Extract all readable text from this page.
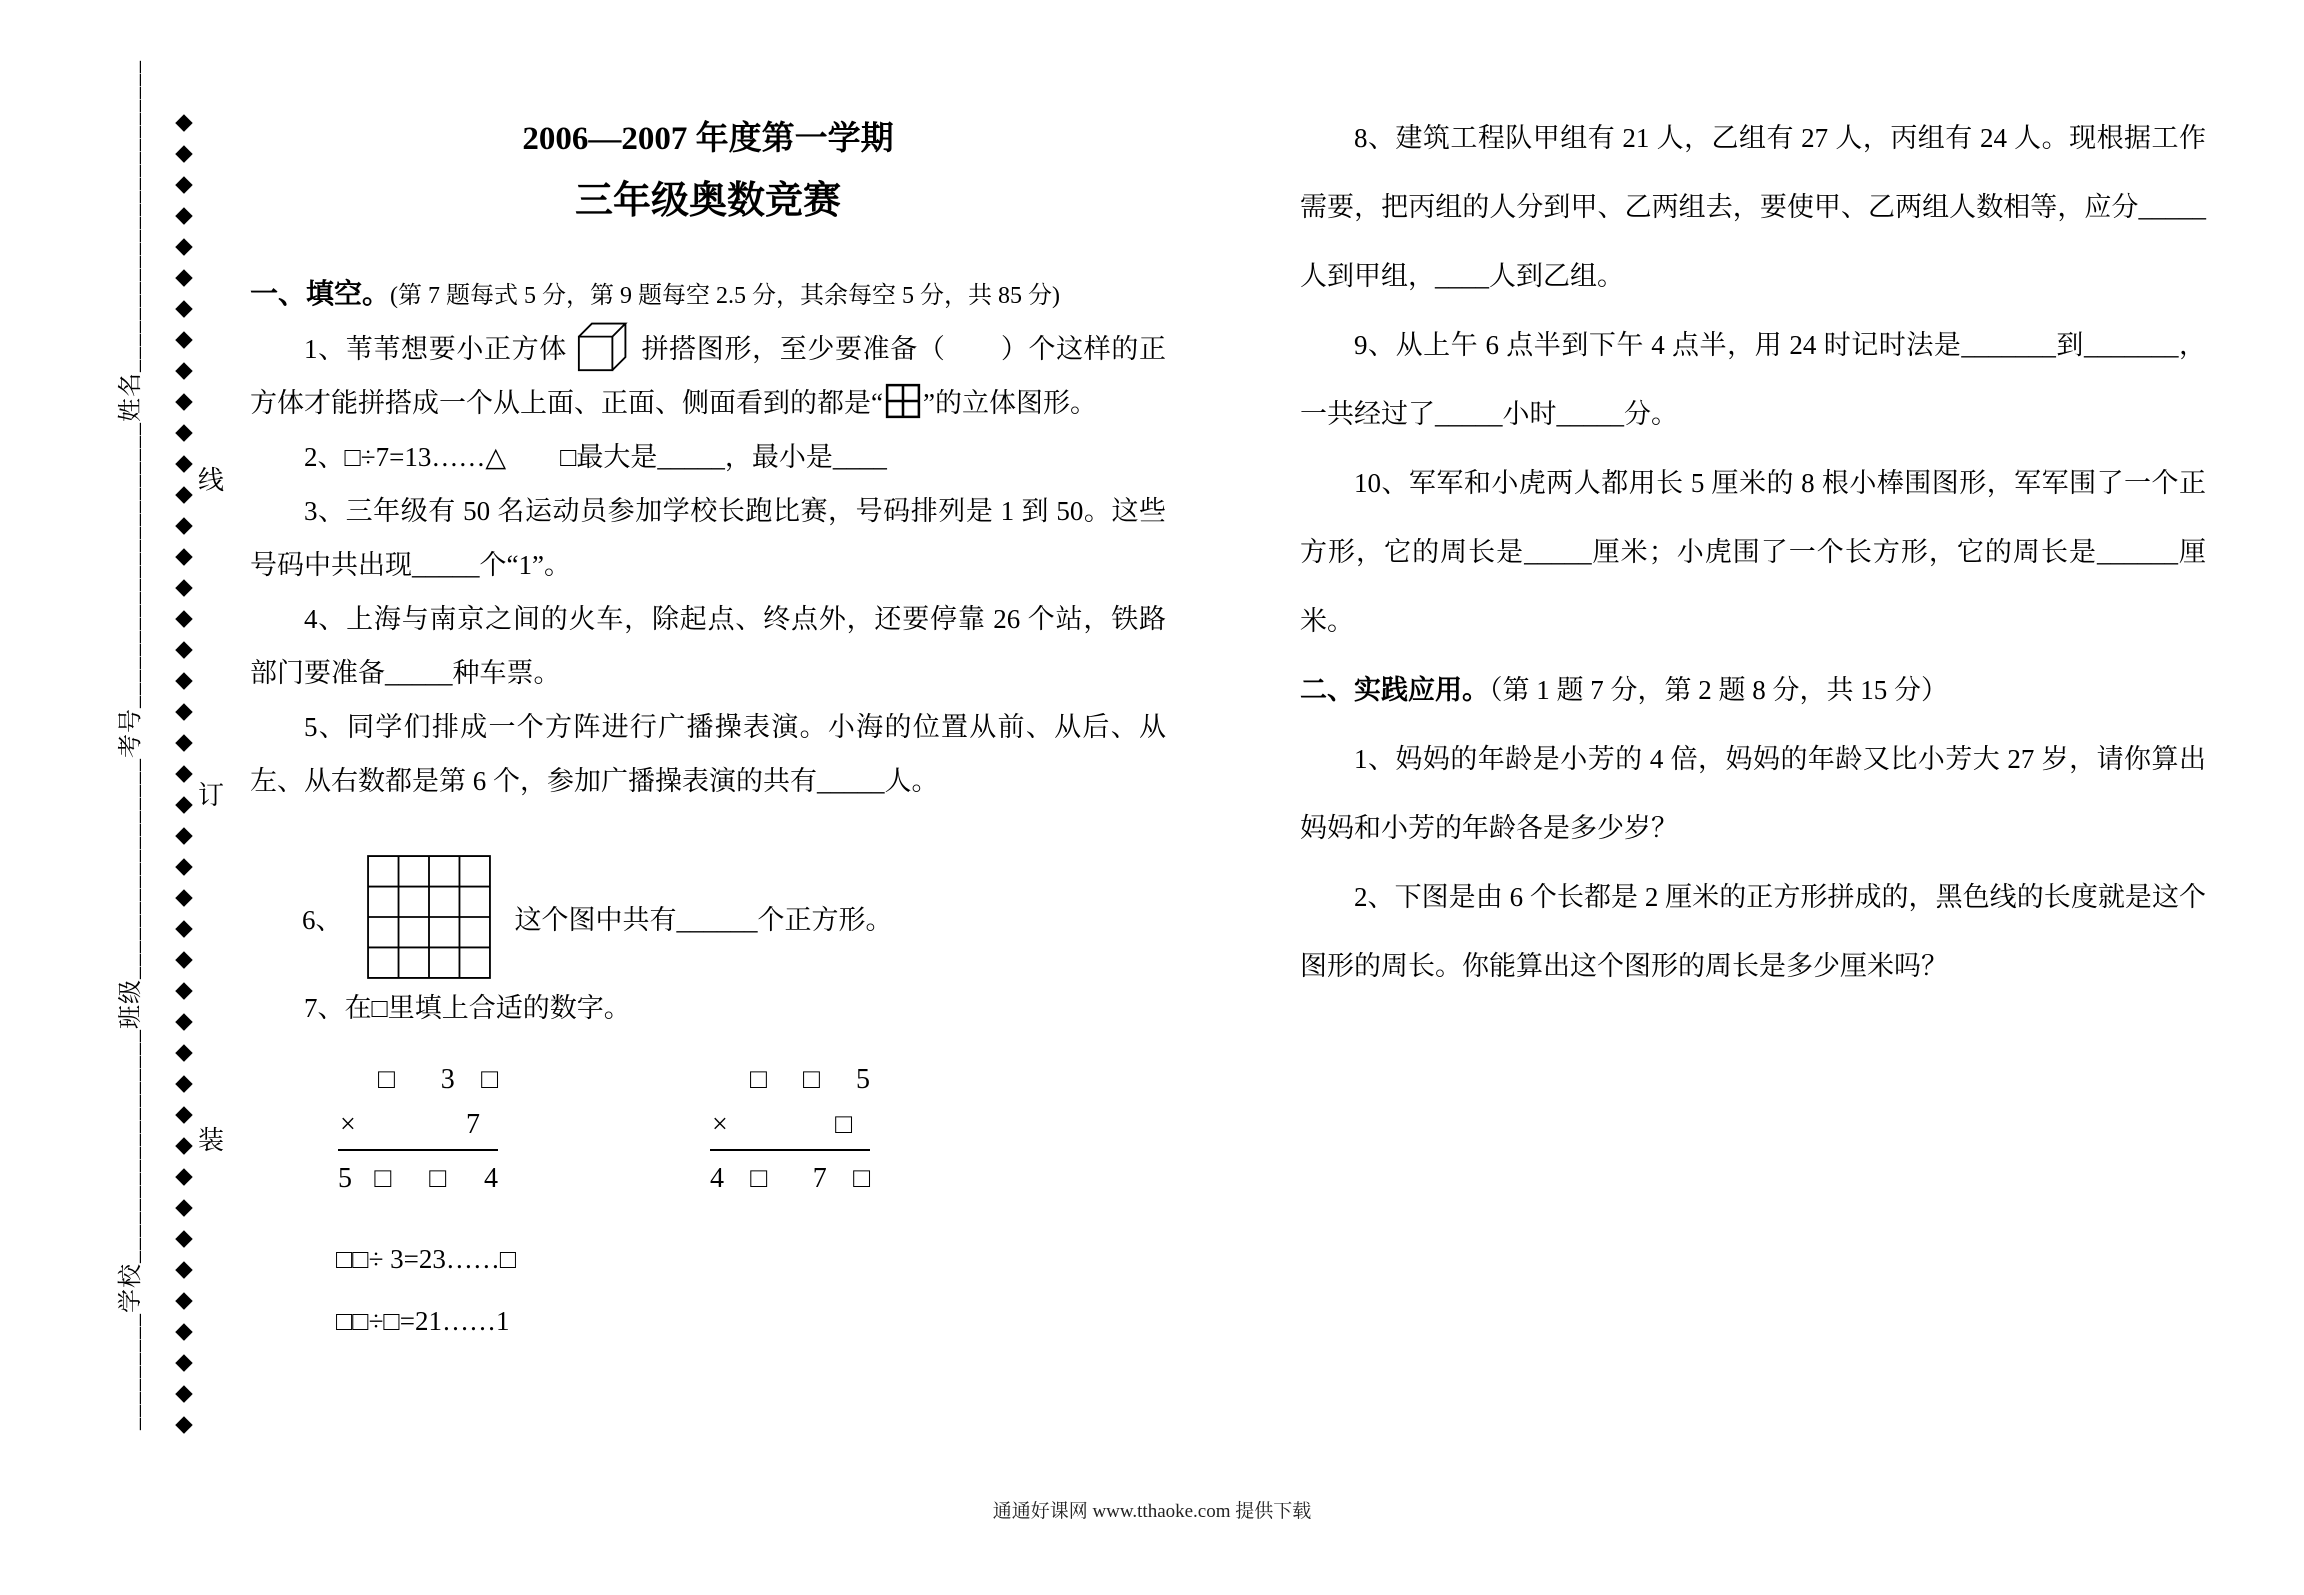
_________学校__________________班级_________________考号______________________姓名________________________ ◆
◆
◆
◆
◆
◆
◆
◆
◆
◆
◆
◆
◆
◆
◆
◆
◆
◆
◆
◆
◆
◆
◆
◆
◆
◆
◆
◆
◆
◆
◆
◆
◆
◆
◆
◆
◆
◆
◆
◆
◆
◆
◆
线
订
装
2006—2007 年度第一学期
三年级奥数竞赛
一、填空。(第 7 题每式 5 分，第 9 题每空 2.5 分，其余每空 5 分，共 85 分)

1、苇苇想要小正方体	拼搭图形，至少要准备（　　）个这样的正方体才能拼搭成一个从上面、正面、侧面看到的都是“ ”的立体图形。

2、□÷7=13……△　　□最大是_____，最小是____

3、三年级有 50 名运动员参加学校长跑比赛，号码排列是 1 到 50。这些号码中共出现_____个“1”。

4、上海与南京之间的火车，除起点、终点外，还要停靠 26 个站，铁路部门要准备_____种车票。

5、同学们排成一个方阵进行广播操表演。小海的位置从前、从后、从左、从右数都是第 6 个，参加广播操表演的共有_____人。

6、	这个图中共有______个正方形。

7、在□里填上合适的数字。

□ 3 □
×	7
5 □ □ 4
□ □ 5
×	□
4 □ 7 □

□□÷ 3=23……□

□□÷□=21……1

8、建筑工程队甲组有 21 人，乙组有 27 人，丙组有 24 人。现根据工作需要，把丙组的人分到甲、乙两组去，要使甲、乙两组人数相等，应分_____人到甲组，____人到乙组。

9、从上午 6 点半到下午 4 点半，用 24 时记时法是_______到_______，一共经过了_____小时_____分。

10、军军和小虎两人都用长 5 厘米的 8 根小棒围图形，军军围了一个正方形，它的周长是_____厘米；小虎围了一个长方形，它的周长是______厘米。

二、实践应用。（第 1 题 7 分，第 2 题 8 分，共 15 分）

1、妈妈的年龄是小芳的 4 倍，妈妈的年龄又比小芳大 27 岁，请你算出妈妈和小芳的年龄各是多少岁？

2、下图是由 6 个长都是 2 厘米的正方形拼成的，黑色线的长度就是这个图形的周长。你能算出这个图形的周长是多少厘米吗？

通通好课网 www.tthaoke.com 提供下载
